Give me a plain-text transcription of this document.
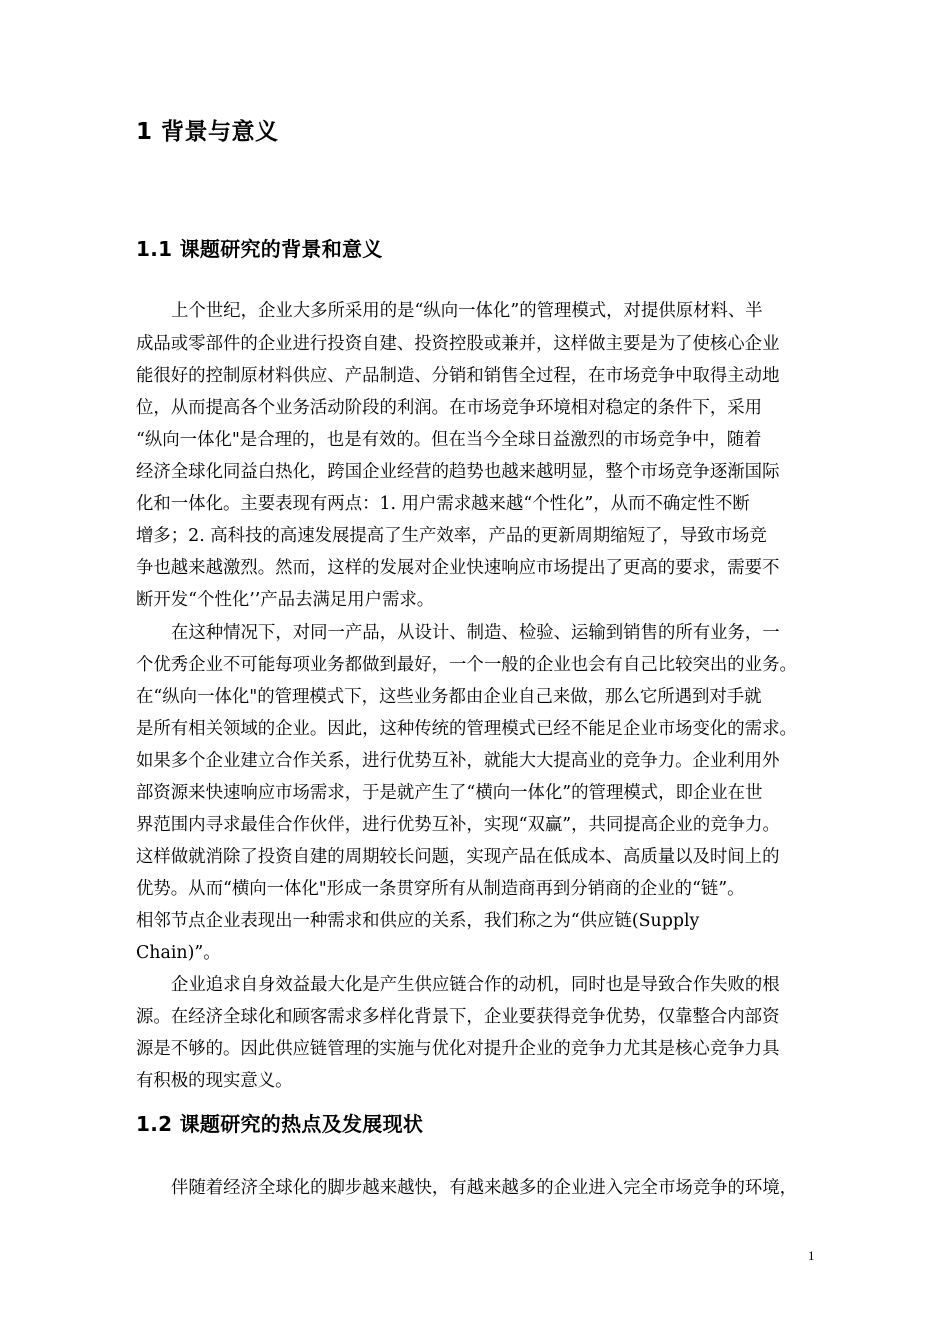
1 背景与意义
1.1 课题研究的背景和意义
上个世纪，企业大多所采用的是“纵向一体化”的管理模式，对提供原材料、半
成品或零部件的企业进行投资自建、投资控股或兼并，这样做主要是为了使核心企业
能很好的控制原材料供应、产品制造、分销和销售全过程，在市场竞争中取得主动地
位，从而提高各个业务活动阶段的利润。在市场竞争环境相对稳定的条件下，采用
“纵向一体化"是合理的，也是有效的。但在当今全球日益激烈的市场竞争中，随着
经济全球化同益白热化，跨国企业经营的趋势也越来越明显，整个市场竞争逐渐国际
化和一体化。主要表现有两点：1. 用户需求越来越“个性化”，从而不确定性不断
增多；2. 高科技的高速发展提高了生产效率，产品的更新周期缩短了，导致市场竞
争也越来越激烈。然而，这样的发展对企业快速响应市场提出了更高的要求，需要不
断开发“个性化’’产品去满足用户需求。
在这种情况下，对同一产品，从设计、制造、检验、运输到销售的所有业务，一
个优秀企业不可能每项业务都做到最好，一个一般的企业也会有自己比较突出的业务。
在“纵向一体化"的管理模式下，这些业务都由企业自己来做，那么它所遇到对手就
是所有相关领域的企业。因此，这种传统的管理模式已经不能足企业市场变化的需求。
如果多个企业建立合作关系，进行优势互补，就能大大提高业的竞争力。企业利用外
部资源来快速响应市场需求，于是就产生了“横向一体化”的管理模式，即企业在世
界范围内寻求最佳合作伙伴，进行优势互补，实现“双赢”，共同提高企业的竞争力。
这样做就消除了投资自建的周期较长问题，实现产品在低成本、高质量以及时间上的
优势。从而“横向一体化"形成一条贯穿所有从制造商再到分销商的企业的“链”。
相邻节点企业表现出一种需求和供应的关系，我们称之为“供应链(Supply
Chain)”。
企业追求自身效益最大化是产生供应链合作的动机，同时也是导致合作失败的根
源。在经济全球化和顾客需求多样化背景下，企业要获得竞争优势，仅靠整合内部资
源是不够的。因此供应链管理的实施与优化对提升企业的竞争力尤其是核心竞争力具
有积极的现实意义。
1.2 课题研究的热点及发展现状
伴随着经济全球化的脚步越来越快，有越来越多的企业进入完全市场竞争的环境，
1
